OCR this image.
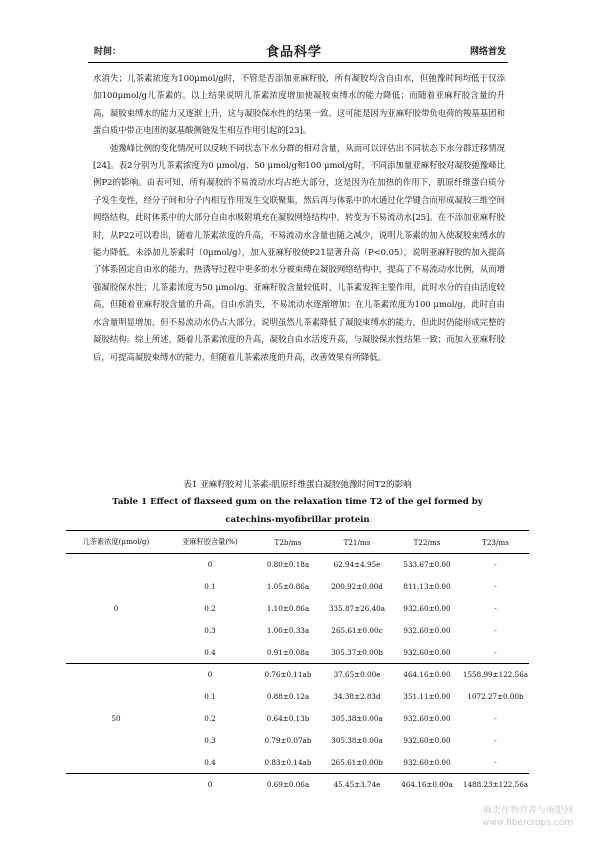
时间：	食品科学	网络首发

水消失；儿茶素浓度为100μmol/g时，不管是否添加亚麻籽胶，所有凝胶均含自由水，但弛豫时间均低于仅添加100μmol/g儿茶素的。以上结果说明儿茶素浓度增加使凝胶束缚水的能力降低；而随着亚麻籽胶含量的升高，凝胶束缚水的能力又逐渐上升，这与凝胶保水性的结果一致。这可能是因为亚麻籽胶带负电荷的羧基基团和蛋白质中带正电团的氨基酸侧链发生相互作用引起的[23]。

弛豫峰比例的变化情况可以反映不同状态下水分群的相对含量，从而可以评估出不同状态下水分群迁移情况[24]。表2分别为儿茶素浓度为0 μmol/g、50 μmol/g和100 μmol/g时，不同添加量亚麻籽胶对凝胶弛豫峰比例P2的影响。由表可知，所有凝胶的不易流动水均占绝大部分，这是因为在加热的作用下，肌原纤维蛋白质分子发生变性，经分子间和分子内相互作用发生交联聚集，然后再与体系中的水通过化学键合而形成凝胶三维空间网络结构，此时体系中的大部分自由水吸附填充在凝胶网络结构中，转变为不易流动水[25]。在不添加亚麻籽胶时，从P22可以看出，随着儿茶素浓度的升高，不易流动水含量也随之减少，说明儿茶素的加入使凝胶束缚水的能力降低。未添加儿茶素时（0μmol/g），加入亚麻籽胶使P21显著升高（P<0.05），说明亚麻籽胶的加入提高了体系固定自由水的能力，热诱导过程中更多的水分被束缚在凝胶网络结构中，提高了不易流动水比例，从而增强凝胶保水性；儿茶素浓度为50 μmol/g、亚麻籽胶含量较低时，儿茶素发挥主要作用，此时水分的自由活度较高，但随着亚麻籽胶含量的升高，自由水消失，不易流动水逐渐增加；在儿茶素浓度为100 μmol/g，此时自由水含量明显增加，但不易流动水仍占大部分，说明虽然儿茶素降低了凝胶束缚水的能力，但此时仍能形成完整的凝胶结构。综上所述，随着儿茶素浓度的升高，凝胶自由水活度升高，与凝胶保水性结果一致；而加入亚麻籽胶后，可提高凝胶束缚水的能力，但随着儿茶素浓度的升高，改善效果有所降低。

表1 亚麻籽胶对儿茶素-肌原纤维蛋白凝胶弛豫时间T2的影响
Table 1 Effect of flaxseed gum on the relaxation time T2 of the gel formed by
catechins-myofibrillar protein
儿茶素浓度(μmol/g)	亚麻籽胶含量(%)	T2b/ms	T21/ms	T22/ms	T23/ms
0	0	0.80±0.18a	62.94±4.95e	533.67±0.00	-
	0.1	1.05±0.86a	200.92±0.00d	811.13±0.00	-
	0.2	1.10±0.86a	335.87±26.40a	932.60±0.00	-
	0.3	1.00±0.33a	265.61±0.00c	932.60±0.00	-
	0.4	0.91±0.08a	305.37±0.00b	932.60±0.00	-
50	0	0.76±0.11ab	37.65±0.00e	464.16±0.00	1558.99±122.56a
	0.1	0.88±0.12a	34.38±2.83d	351.11±0.00	1072.27±0.00b
	0.2	0.64±0.13b	305.38±0.00a	932.60±0.00	-
	0.3	0.79±0.07ab	305.38±0.00a	932.60±0.00	-
	0.4	0.83±0.14ab	265.61±0.00b	932.60±0.00	-
	0	0.69±0.06a	45.45±3.74e	464.16±0.00a	1488.23±122.56a
麻类作物营养与施肥网
www.fibercrops.com
